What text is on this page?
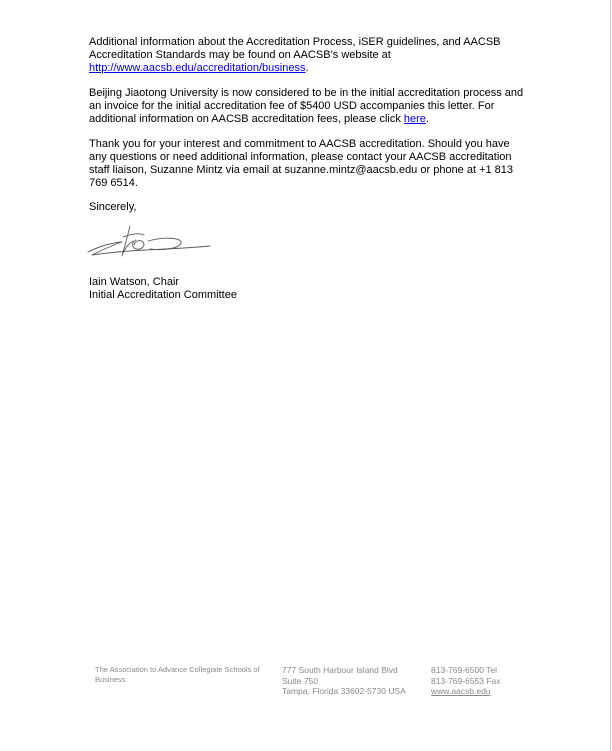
Additional information about the Accreditation Process, iSER guidelines, and AACSB Accreditation Standards may be found on AACSB’s website at http://www.aacsb.edu/accreditation/business.

Beijing Jiaotong University is now considered to be in the initial accreditation process and an invoice for the initial accreditation fee of $5400 USD accompanies this letter. For additional information on AACSB accreditation fees, please click here.

Thank you for your interest and commitment to AACSB accreditation. Should you have any questions or need additional information, please contact your AACSB accreditation staff liaison, Suzanne Mintz via email at suzanne.mintz@aacsb.edu or phone at +1 813 769 6514.

Sincerely,
Iain Watson, Chair
Initial Accreditation Committee
The Association to Advance Collegiate Schools of Business
777 South Harbour Island Blvd
Suite 750
Tampa, Florida 33602-5730 USA
813-769-6500 Tel
813-769-6553 Fax
www.aacsb.edu
